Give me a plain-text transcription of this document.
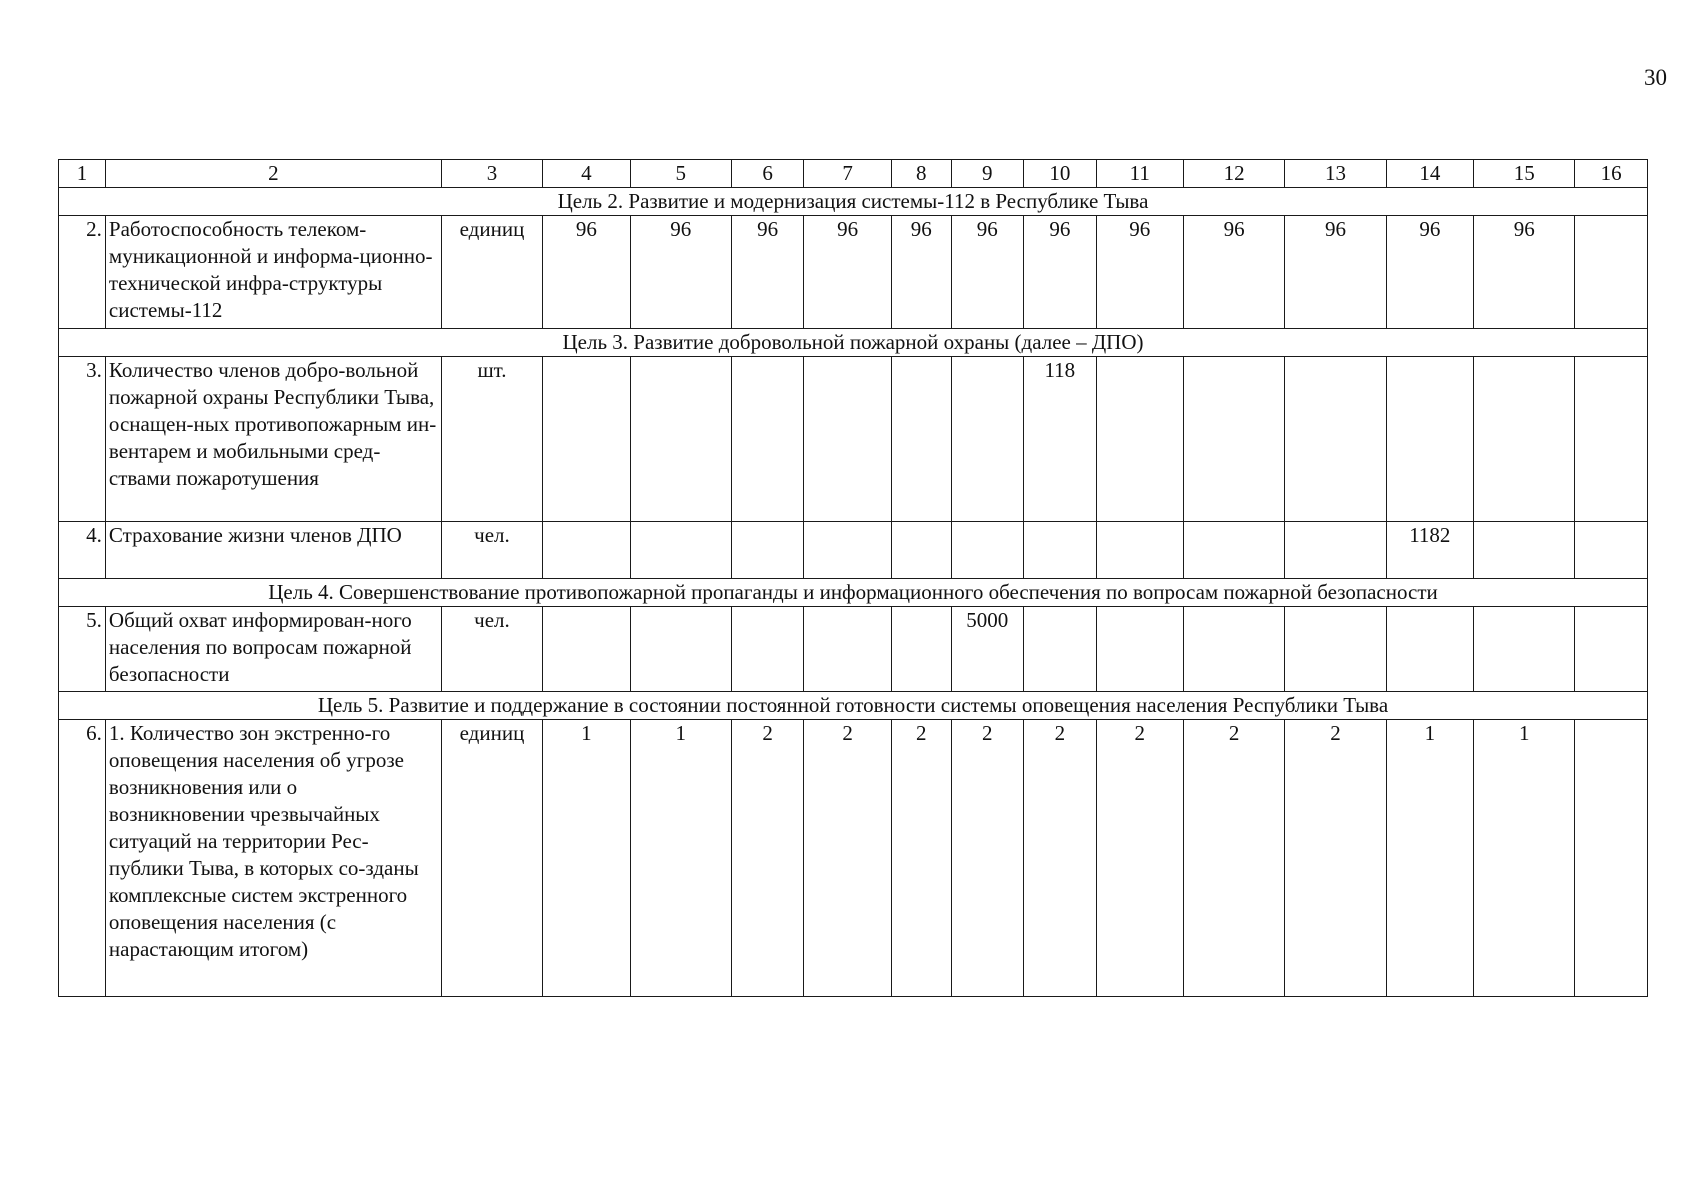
30
1	2	3	4	5	6	7	8	9	10	11	12	13	14	15	16
Цель 2. Развитие и модернизация системы-112 в Республике Тыва															
2.	Работоспособность телеком-муникационной и информа-ционно-технической инфра-структуры системы-112	единиц	96	96	96	96	96	96	96	96	96	96	96	96	
Цель 3. Развитие добровольной пожарной охраны (далее – ДПО)															
3.	Количество членов добро-вольной пожарной охраны Республики Тыва, оснащен-ных противопожарным ин-вентарем и мобильными сред-ствами пожаротушения	шт.							118						
4.	Страхование жизни членов ДПО	чел.											1182		
Цель 4. Совершенствование противопожарной пропаганды и информационного обеспечения по вопросам пожарной безопасности															
5.	Общий охват информирован-ного населения по вопросам пожарной безопасности	чел.						5000							
Цель 5. Развитие и поддержание в состоянии постоянной готовности системы оповещения населения Республики Тыва															
6.	1. Количество зон экстренно-го оповещения населения об угрозе возникновения или о возникновении чрезвычайных ситуаций на территории Рес-публики Тыва, в которых со-зданы комплексные систем экстренного оповещения населения (с нарастающим итогом)	единиц	1	1	2	2	2	2	2	2	2	2	1	1	
